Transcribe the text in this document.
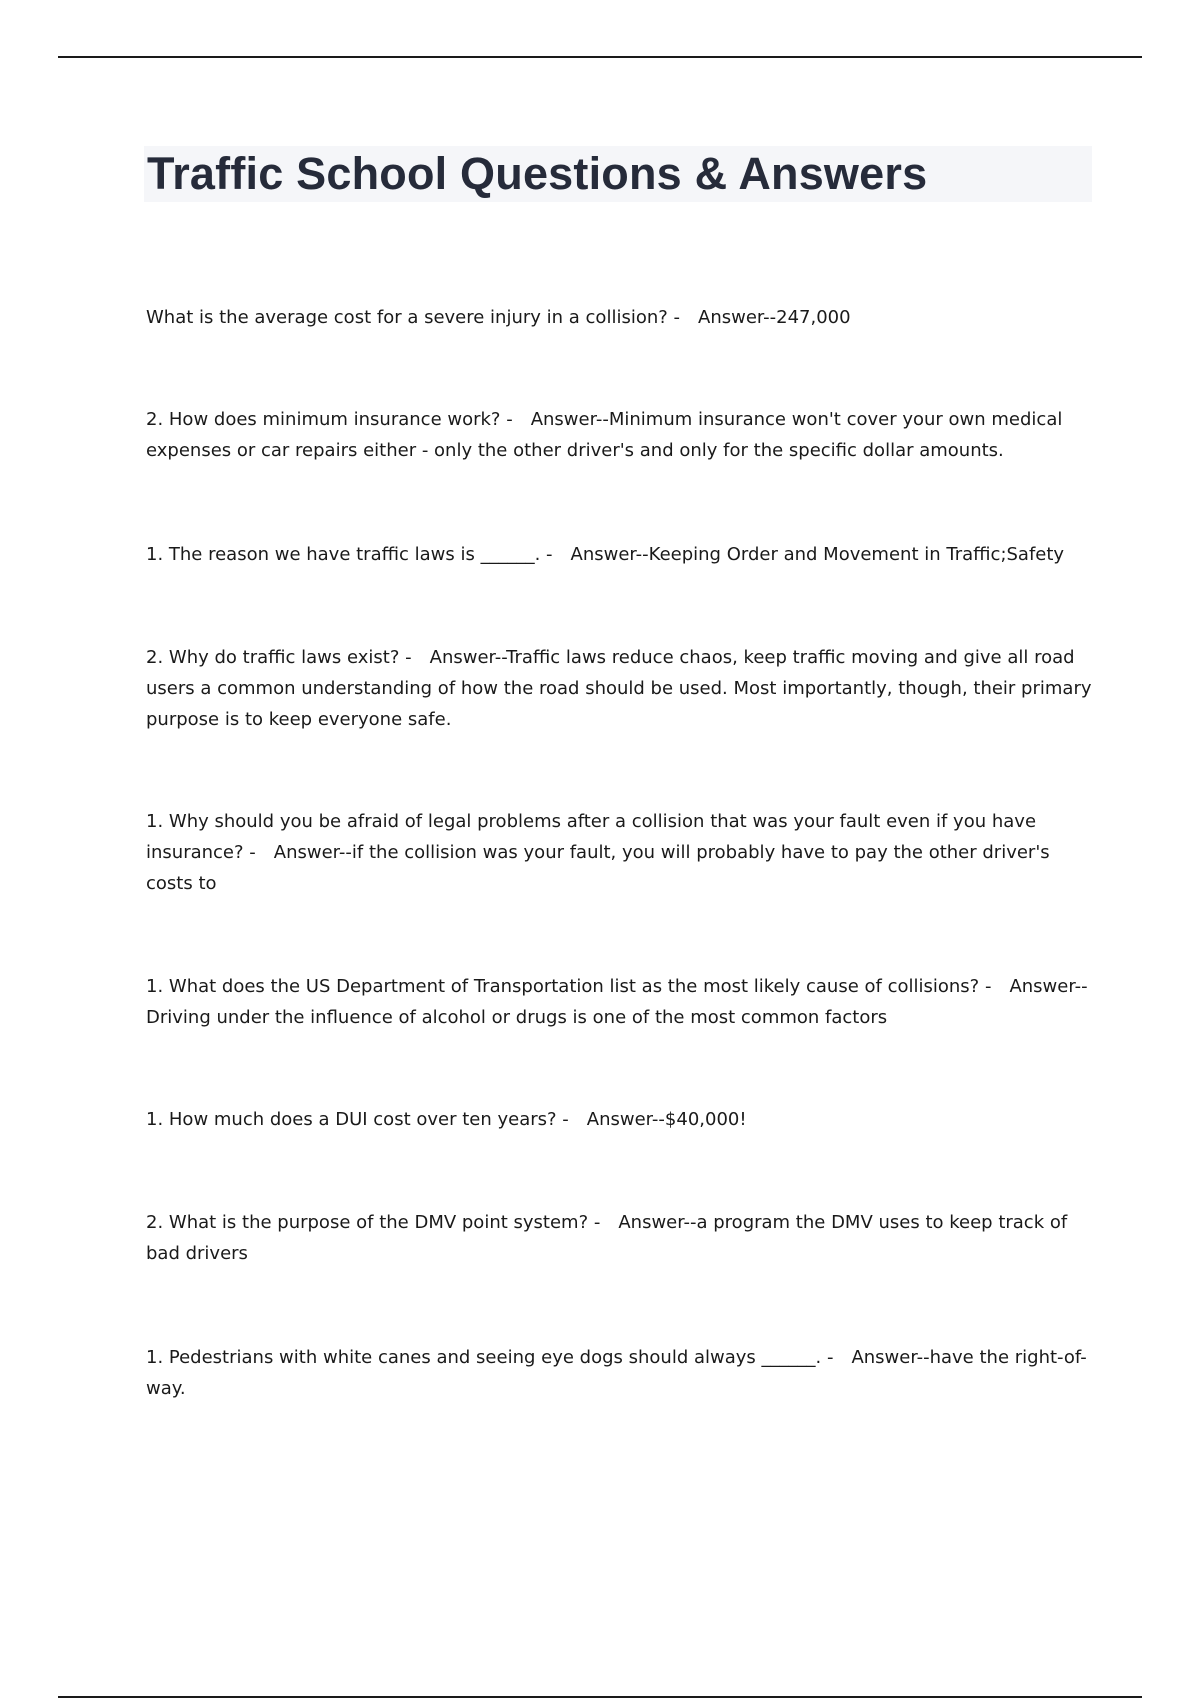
Traffic School Questions & Answers

What is the average cost for a severe injury in a collision? - Answer--247,000

2. How does minimum insurance work? - Answer--Minimum insurance won't cover your own medical expenses or car repairs either - only the other driver's and only for the specific dollar amounts.

1. The reason we have traffic laws is ______. - Answer--Keeping Order and Movement in Traffic;Safety

2. Why do traffic laws exist? - Answer--Traffic laws reduce chaos, keep traffic moving and give all road users a common understanding of how the road should be used. Most importantly, though, their primary purpose is to keep everyone safe.

1. Why should you be afraid of legal problems after a collision that was your fault even if you have insurance? - Answer--if the collision was your fault, you will probably have to pay the other driver's costs to

1. What does the US Department of Transportation list as the most likely cause of collisions? - Answer--Driving under the influence of alcohol or drugs is one of the most common factors

1. How much does a DUI cost over ten years? - Answer--$40,000!

2. What is the purpose of the DMV point system? - Answer--a program the DMV uses to keep track of bad drivers

1. Pedestrians with white canes and seeing eye dogs should always ______. - Answer--have the right-of-way.
